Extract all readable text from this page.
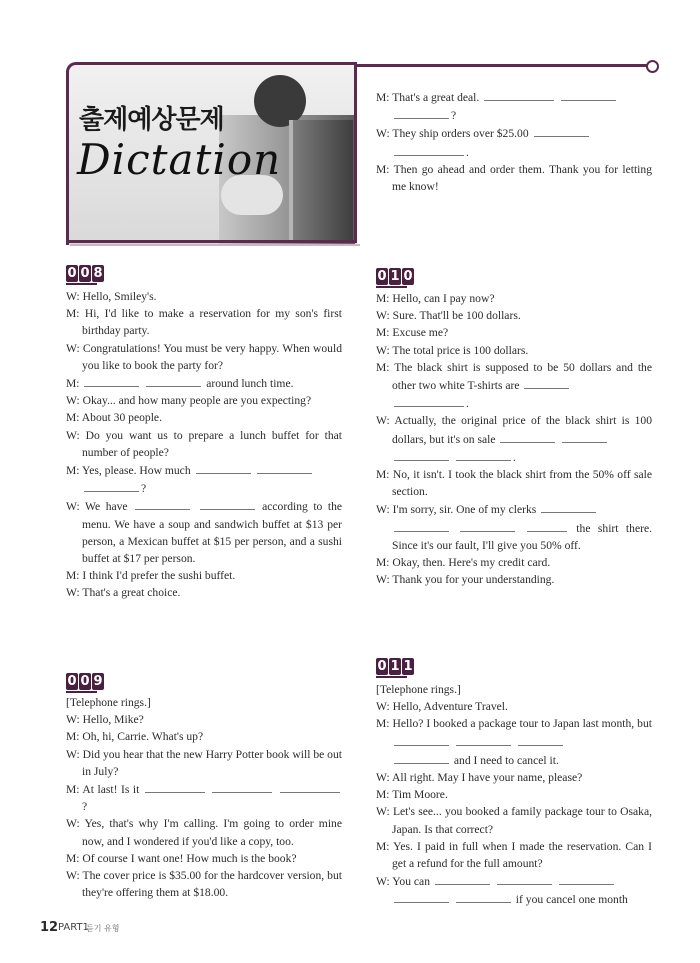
출제예상문제
Dictation
M: That's a great deal.
?
W: They ship orders over $25.00
.
M: Then go ahead and order them. Thank you for letting me know!
0 0 8
W: Hello, Smiley's.
M: Hi, I'd like to make a reservation for my son's first birthday party.
W: Congratulations! You must be very happy. When would you like to book the party for?
M:	around lunch time.
W: Okay... and how many people are you expecting?
M: About 30 people.
W: Do you want us to prepare a lunch buffet for that number of people?
M: Yes, please. How much
?
W: We have	according to the menu. We have a soup and sandwich buffet at $13 per person, a Mexican buffet at $15 per person, and a sushi buffet at $17 per person.
M: I think I'd prefer the sushi buffet.
W: That's a great choice.
0 0 9
[Telephone rings.]
W: Hello, Mike?
M: Oh, hi, Carrie. What's up?
W: Did you hear that the new Harry Potter book will be out in July?
M: At last! Is it   ?
W: Yes, that's why I'm calling. I'm going to order mine now, and I wondered if you'd like a copy, too.
M: Of course I want one! How much is the book?
W: The cover price is $35.00 for the hardcover version, but they're offering them at $18.00.
0 1 0
M: Hello, can I pay now?
W: Sure. That'll be 100 dollars.
M: Excuse me?
W: The total price is 100 dollars.
M: The black shirt is supposed to be 50 dollars and the other two white T-shirts are
.
W: Actually, the original price of the black shirt is 100 dollars, but it's on sale
.
M: No, it isn't. I took the black shirt from the 50% off sale section.
W: I'm sorry, sir. One of my clerks
the shirt there. Since it's our fault, I'll give you 50% off.
M: Okay, then. Here's my credit card.
W: Thank you for your understanding.
0 1 1
[Telephone rings.]
W: Hello, Adventure Travel.
M: Hello? I booked a package tour to Japan last month, but
and I need to cancel it.
W: All right. May I have your name, please?
M: Tim Moore.
W: Let's see... you booked a family package tour to Osaka, Japan. Is that correct?
M: Yes. I paid in full when I made the reservation. Can I get a refund for the full amount?
W: You can
if you cancel one month
12 PART1
듣기 유형
